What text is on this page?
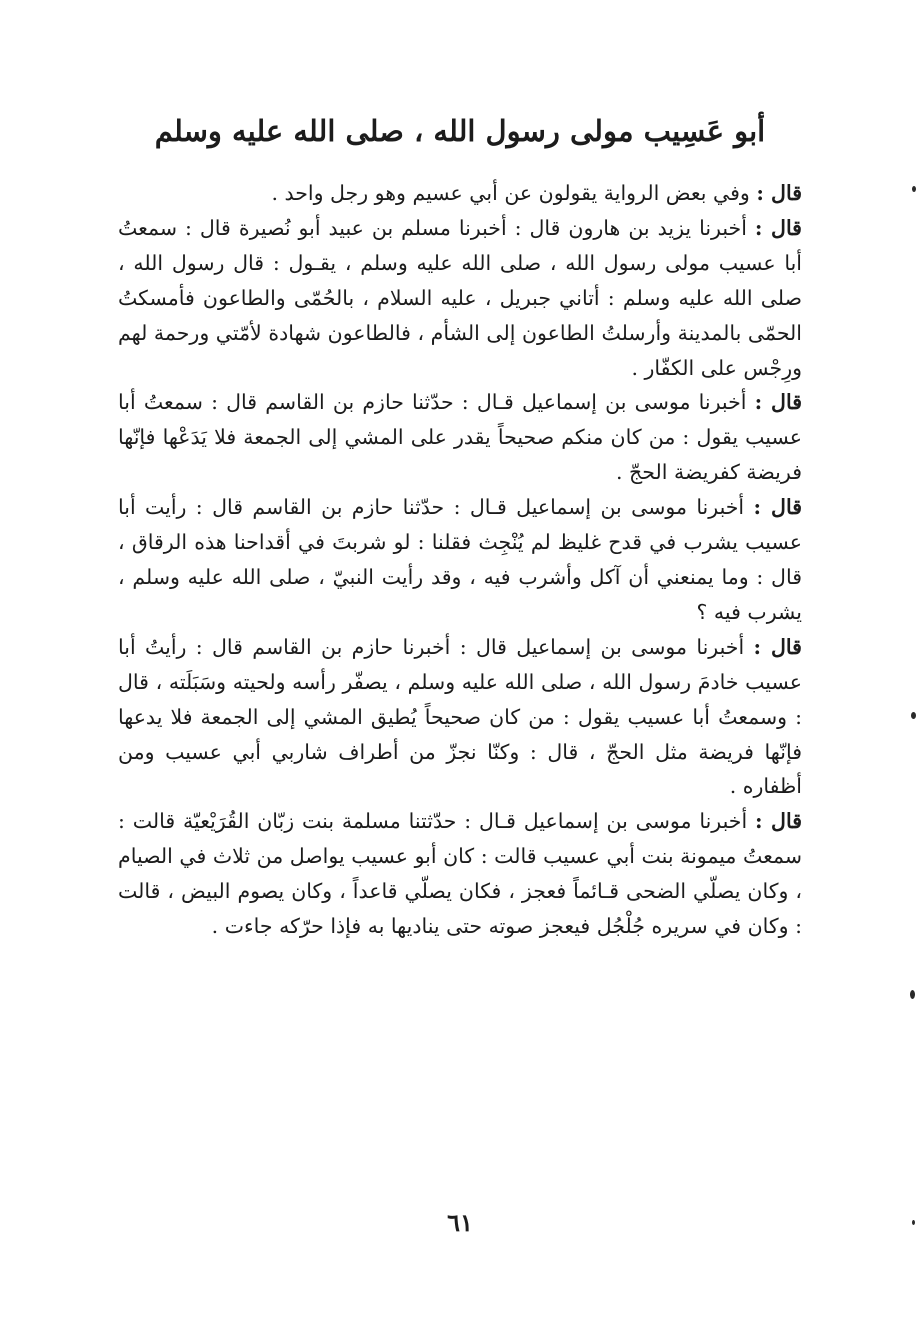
أبو عَسِيب مولى رسول الله ، صلى الله عليه وسلم

قال : وفي بعض الرواية يقولون عن أبي عسيم وهو رجل واحد .

قال : أخبرنا يزيد بن هارون قال : أخبرنا مسلم بن عبيد أبو نُصيرة قال : سمعتُ أبا عسيب مولى رسول الله ، صلى الله عليه وسلم ، يقـول : قال رسول الله ، صلى الله عليه وسلم : أتاني جبريل ، عليه السلام ، بالحُمّى والطاعون فأمسكتُ الحمّى بالمدينة وأرسلتُ الطاعون إلى الشأم ، فالطاعون شهادة لأمّتي ورحمة لهم ورِجْس على الكفّار .

قال : أخبرنا موسى بن إسماعيل قـال : حدّثنا حازم بن القاسم قال : سمعتُ أبا عسيب يقول : من كان منكم صحيحاً يقدر على المشي إلى الجمعة فلا يَدَعْها فإنّها فريضة كفريضة الحجّ .

قال : أخبرنا موسى بن إسماعيل قـال : حدّثنا حازم بن القاسم قال : رأيت أبا عسيب يشرب في قدح غليظ لم يُنْجِث فقلنا : لو شربتَ في أقداحنا هذه الرقاق ، قال : وما يمنعني أن آكل وأشرب فيه ، وقد رأيت النبيّ ، صلى الله عليه وسلم ، يشرب فيه ؟

قال : أخبرنا موسى بن إسماعيل قال : أخبرنا حازم بن القاسم قال : رأيتُ أبا عسيب خادمَ رسول الله ، صلى الله عليه وسلم ، يصفّر رأسه ولحيته وسَبَلَته ، قال : وسمعتُ أبا عسيب يقول : من كان صحيحاً يُطيق المشي إلى الجمعة فلا يدعها فإنّها فريضة مثل الحجّ ، قال : وكنّا نجزّ من أطراف شاربي أبي عسيب ومن أظفاره .

قال : أخبرنا موسى بن إسماعيل قـال : حدّثتنا مسلمة بنت زبّان القُرَيْعيّة قالت : سمعتُ ميمونة بنت أبي عسيب قالت : كان أبو عسيب يواصل من ثلاث في الصيام ، وكان يصلّي الضحى قـائماً فعجز ، فكان يصلّي قاعداً ، وكان يصوم البيض ، قالت : وكان في سريره جُلْجُل فيعجز صوته حتى يناديها به فإذا حرّكه جاءت .

٦١
